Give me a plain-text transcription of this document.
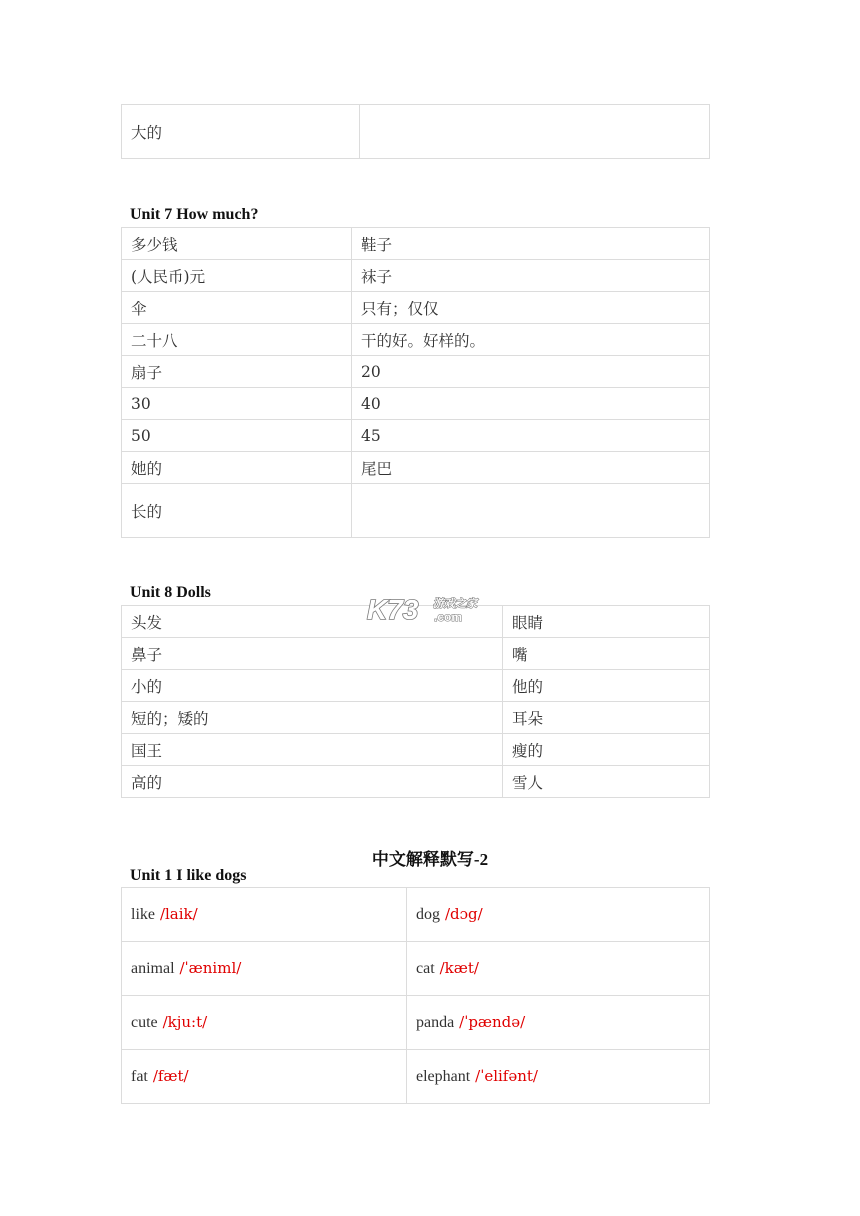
大的	
Unit 7 How much?
多少钱	鞋子
(人民币)元	袜子
伞	只有；仅仅
二十八	干的好。好样的。
扇子	20
30	40
50	45
她的	尾巴
长的	
Unit 8 Dolls
头发	眼睛
鼻子	嘴
小的	他的
短的；矮的	耳朵
国王	瘦的
高的	雪人
K73 游戏之家
.com
中文解释默写-2
Unit 1 I like dogs
like /laik/	dog /dɔg/
animal /ˈæniml/	cat /kæt/
cute /kju:t/	panda /ˈpændə/
fat /fæt/	elephant /ˈelifənt/
